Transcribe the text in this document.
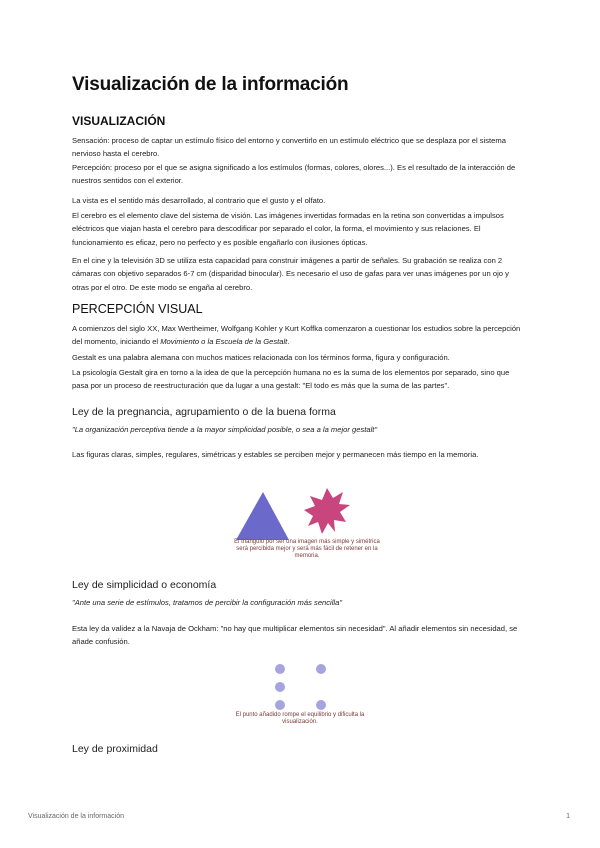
Visualización de la información
VISUALIZACIÓN

Sensación: proceso de captar un estímulo físico del entorno y convertirlo en un estímulo eléctrico que se desplaza por el sistema nervioso hasta el cerebro.

Percepción: proceso por el que se asigna significado a los estímulos (formas, colores, olores...). Es el resultado de la interacción de nuestros sentidos con el exterior.

La vista es el sentido más desarrollado, al contrario que el gusto y el olfato.

El cerebro es el elemento clave del sistema de visión. Las imágenes invertidas formadas en la retina son convertidas a impulsos eléctricos que viajan hasta el cerebro para descodificar por separado el color, la forma, el movimiento y sus relaciones. El funcionamiento es eficaz, pero no perfecto y es posible engañarlo con ilusiones ópticas.

En el cine y la televisión 3D se utiliza esta capacidad para construir imágenes a partir de señales. Su grabación se realiza con 2 cámaras con objetivo separados 6-7 cm (disparidad binocular). Es necesario el uso de gafas para ver unas imágenes por un ojo y otras por el otro. De este modo se engaña al cerebro.

PERCEPCIÓN VISUAL

A comienzos del siglo XX, Max Wertheimer, Wolfgang Kohler y Kurt Koffka comenzaron a cuestionar los estudios sobre la percepción del momento, iniciando el Movimiento o la Escuela de la Gestalt.

Gestalt es una palabra alemana con muchos matices relacionada con los términos forma, figura y configuración.

La psicología Gestalt gira en torno a la idea de que la percepción humana no es la suma de los elementos por separado, sino que pasa por un proceso de reestructuración que da lugar a una gestalt: "El todo es más que la suma de las partes".

Ley de la pregnancia, agrupamiento o de la buena forma

"La organización perceptiva tiende a la mayor simplicidad posible, o sea a la mejor gestalt"

Las figuras claras, simples, regulares, simétricas y estables se perciben mejor y permanecen más tiempo en la memoria.

El triángulo por ser una imagen más simple y simétrica será percibida mejor y será más fácil de retener en la memoria.
Ley de simplicidad o economía

"Ante una serie de estímulos, tratamos de percibir la configuración más sencilla"

Esta ley da validez a la Navaja de Ockham: "no hay que multiplicar elementos sin necesidad". Al añadir elementos sin necesidad, se añade confusión.

El punto añadido rompe el equilibrio y dificulta la visualización.
Ley de proximidad
Visualización de la información	1
